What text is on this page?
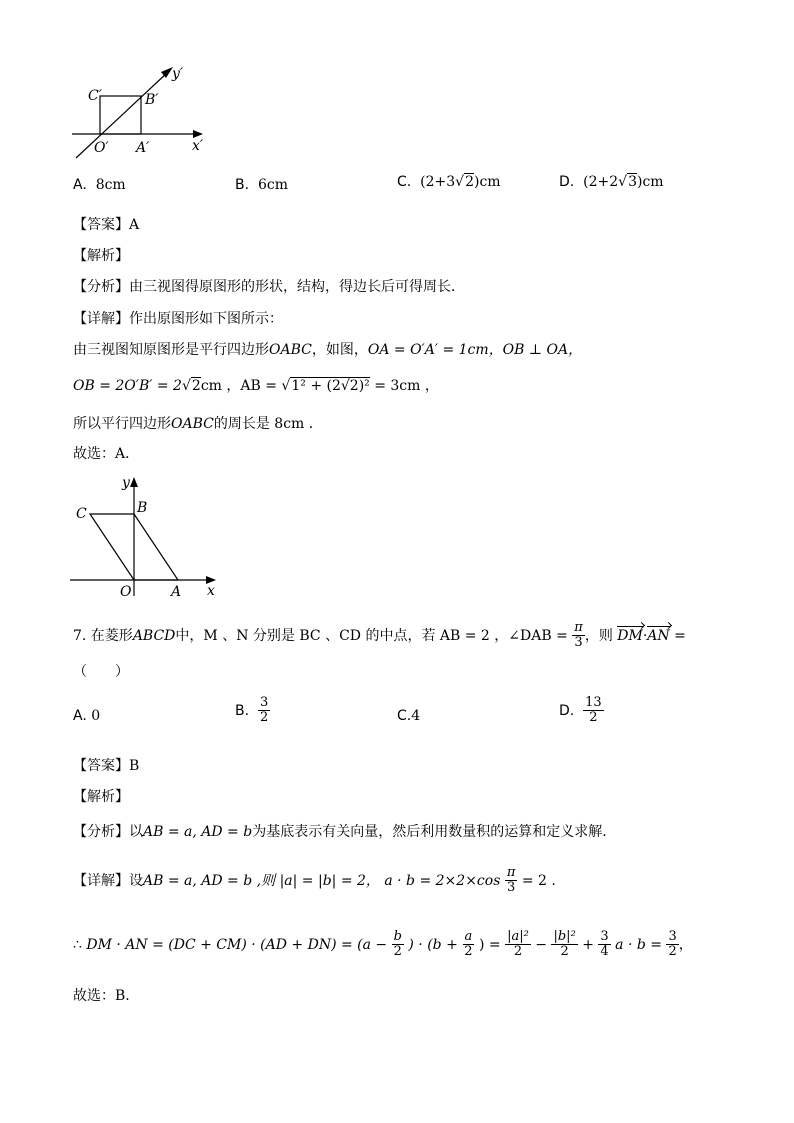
C′	B′
y′
O′ A′	x′
A. 8cm	B. 6cm	C. (2+3√2)cm	D. (2+2√3)cm
【答案】A
【解析】
【分析】由三视图得原图形的形状，结构，得边长后可得周长．
【详解】作出原图形如下图所示：
由三视图知原图形是平行四边形OABC，如图，OA = O′A′ = 1cm，OB ⊥ OA，
OB = 2O′B′ = 2√2cm ，AB = √1² + (2√2)² = 3cm ，
所以平行四边形OABC的周长是 8cm ．
故选：A．
y
C	B
O	A x
7. 在菱形ABCD中，M 、N 分别是 BC 、CD 的中点，若 AB = 2 ，∠DAB = $\frac{\pi}{3}$ ，则 DM·AN =
（　　）
A. 0	B. $\frac{3}{2}$	C.4	D. $\frac{13}{2}$
【答案】B
【解析】
【分析】以AB = a, AD = b为基底表示有关向量，然后利用数量积的运算和定义求解.
【详解】设AB = a, AD = b ,则 |a| = |b| = 2， $a \cdot b = 2\times 2\times\cos \frac{\pi}{3} = 2$ .
∴ DM · AN = $(DC + CM) \cdot (AD + DN) = (a - \frac{b}{2}$ ) · ($b + \frac{a}{2}$ ) = $\frac{\text{|a|²}}{2} - \frac{\text{|b|²}}{2} + \frac{3}{4}$ $a \cdot b = \frac{3}{2}$ ，
故选：B.
